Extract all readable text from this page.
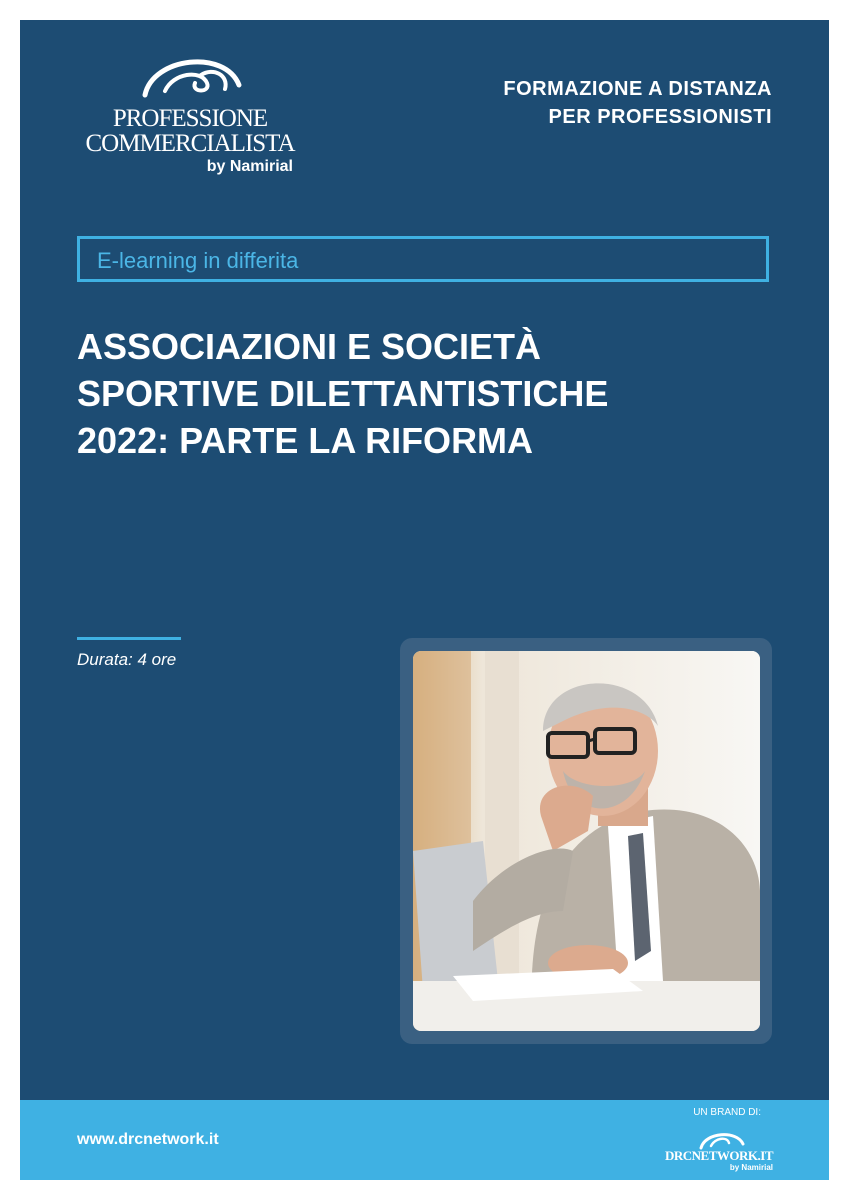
PROFESSIONE
COMMERCIALISTA
by Namirial
FORMAZIONE A DISTANZA
PER PROFESSIONISTI
E-learning in differita
ASSOCIAZIONI E SOCIETÀ
SPORTIVE DILETTANTISTICHE
2022: PARTE LA RIFORMA
Durata: 4 ore
www.drcnetwork.it
UN BRAND DI:
DRCNETWORK.IT
by Namirial
